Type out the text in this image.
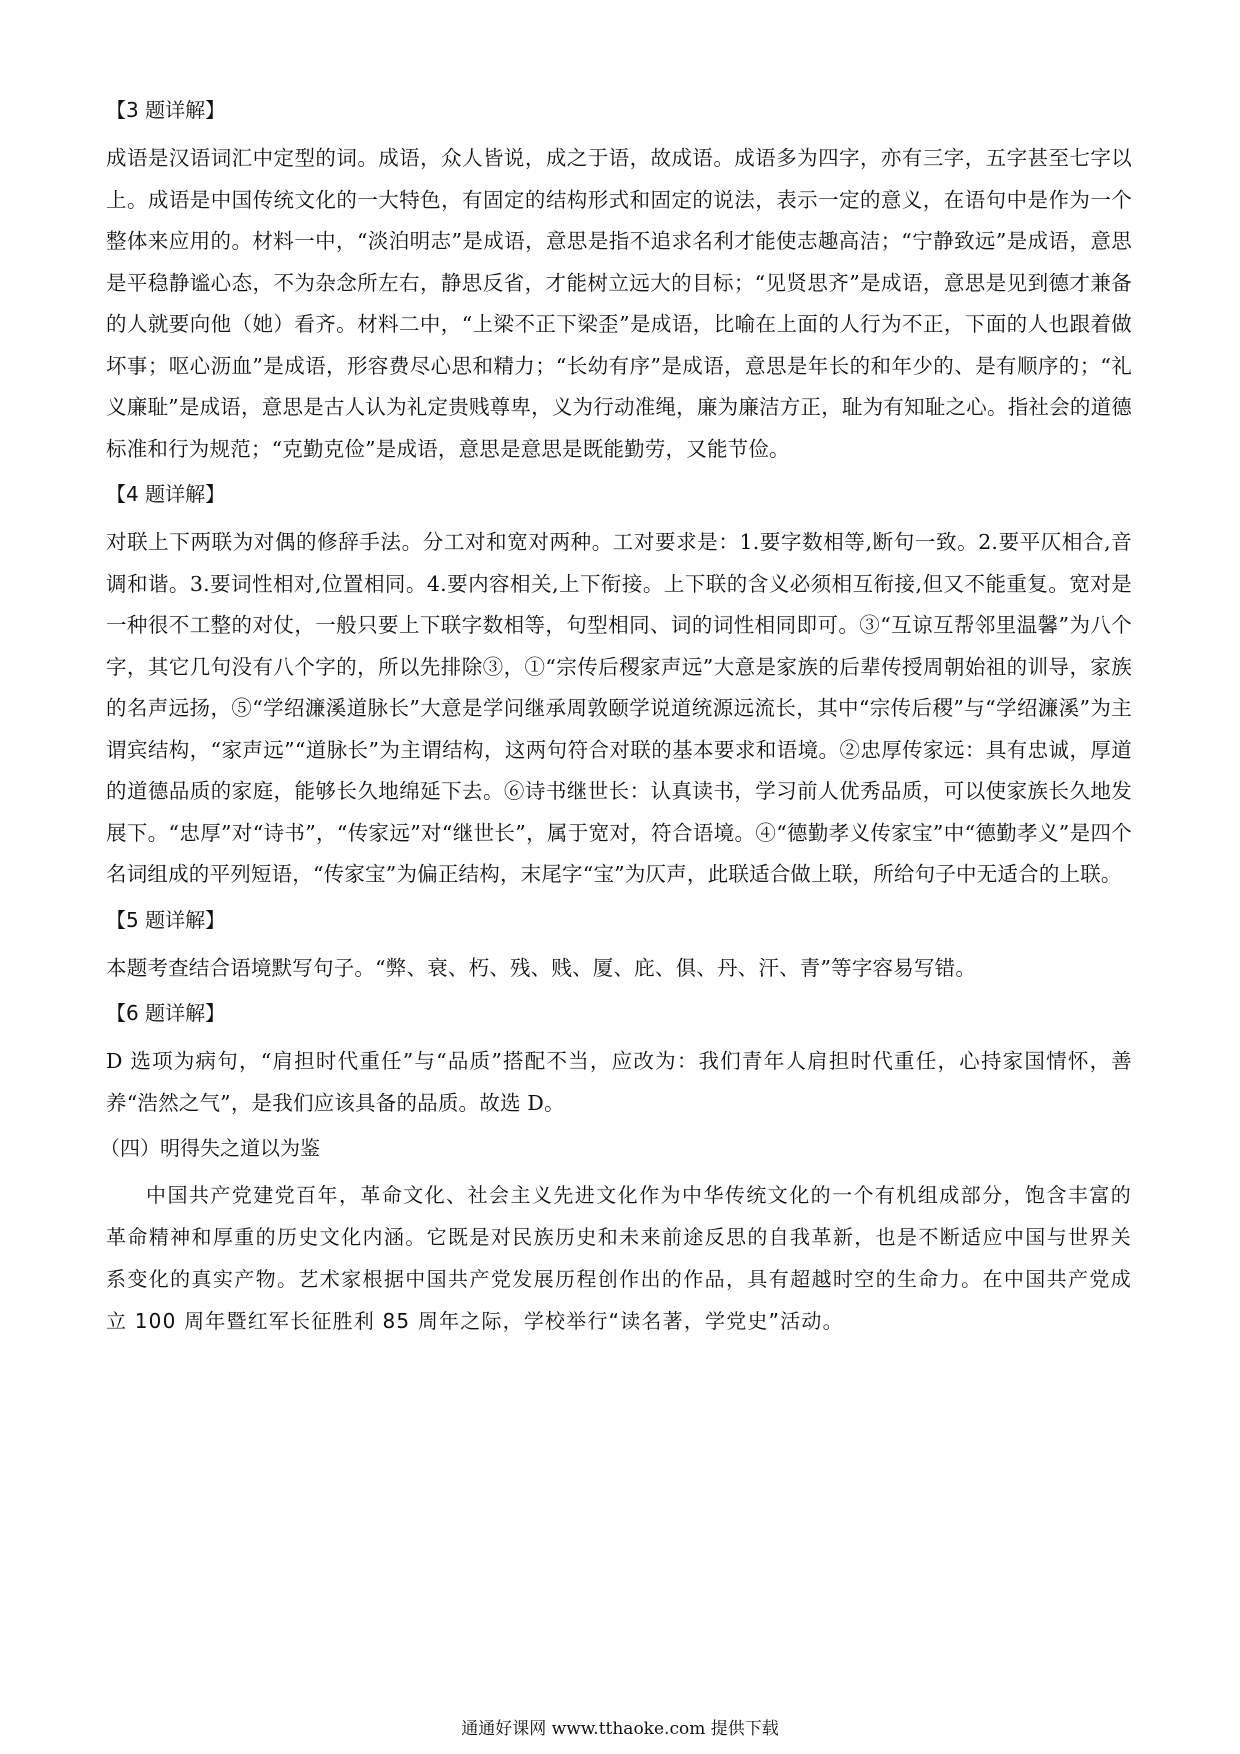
【3 题详解】

成语是汉语词汇中定型的词。成语，众人皆说，成之于语，故成语。成语多为四字，亦有三字，五字甚至七字以上。成语是中国传统文化的一大特色，有固定的结构形式和固定的说法，表示一定的意义，在语句中是作为一个整体来应用的。材料一中，“淡泊明志”是成语，意思是指不追求名利才能使志趣高洁；“宁静致远”是成语，意思是平稳静谧心态，不为杂念所左右，静思反省，才能树立远大的目标；“见贤思齐”是成语，意思是见到德才兼备的人就要向他（她）看齐。材料二中，“上梁不正下梁歪”是成语，比喻在上面的人行为不正，下面的人也跟着做坏事；呕心沥血”是成语，形容费尽心思和精力；“长幼有序”是成语，意思是年长的和年少的、是有顺序的；“礼义廉耻”是成语，意思是古人认为礼定贵贱尊卑，义为行动准绳，廉为廉洁方正，耻为有知耻之心。指社会的道德标准和行为规范；“克勤克俭”是成语，意思是意思是既能勤劳，又能节俭。

【4 题详解】

对联上下两联为对偶的修辞手法。分工对和宽对两种。工对要求是：1.要字数相等,断句一致。2.要平仄相合,音调和谐。3.要词性相对,位置相同。4.要内容相关,上下衔接。上下联的含义必须相互衔接,但又不能重复。宽对是一种很不工整的对仗，一般只要上下联字数相等，句型相同、词的词性相同即可。③“互谅互帮邻里温馨”为八个字，其它几句没有八个字的，所以先排除③，①“宗传后稷家声远”大意是家族的后辈传授周朝始祖的训导，家族的名声远扬，⑤“学绍濂溪道脉长”大意是学问继承周敦颐学说道统源远流长，其中“宗传后稷”与“学绍濂溪”为主谓宾结构，“家声远”“道脉长”为主谓结构，这两句符合对联的基本要求和语境。②忠厚传家远：具有忠诚，厚道的道德品质的家庭，能够长久地绵延下去。⑥诗书继世长：认真读书，学习前人优秀品质，可以使家族长久地发展下。“忠厚”对“诗书”，“传家远”对“继世长”，属于宽对，符合语境。④“德勤孝义传家宝”中“德勤孝义”是四个名词组成的平列短语，“传家宝”为偏正结构，末尾字“宝”为仄声，此联适合做上联，所给句子中无适合的上联。

【5 题详解】

本题考查结合语境默写句子。“弊、衰、朽、残、贱、厦、庇、俱、丹、汗、青”等字容易写错。

【6 题详解】

D 选项为病句，“肩担时代重任”与“品质”搭配不当，应改为：我们青年人肩担时代重任，心持家国情怀，善养“浩然之气”，是我们应该具备的品质。故选 D。

（四）明得失之道以为鉴

中国共产党建党百年，革命文化、社会主义先进文化作为中华传统文化的一个有机组成部分，饱含丰富的革命精神和厚重的历史文化内涵。它既是对民族历史和未来前途反思的自我革新，也是不断适应中国与世界关系变化的真实产物。艺术家根据中国共产党发展历程创作出的作品，具有超越时空的生命力。在中国共产党成立 100 周年暨红军长征胜利 85 周年之际，学校举行“读名著，学党史”活动。

通通好课网 www.tthaoke.com 提供下载
